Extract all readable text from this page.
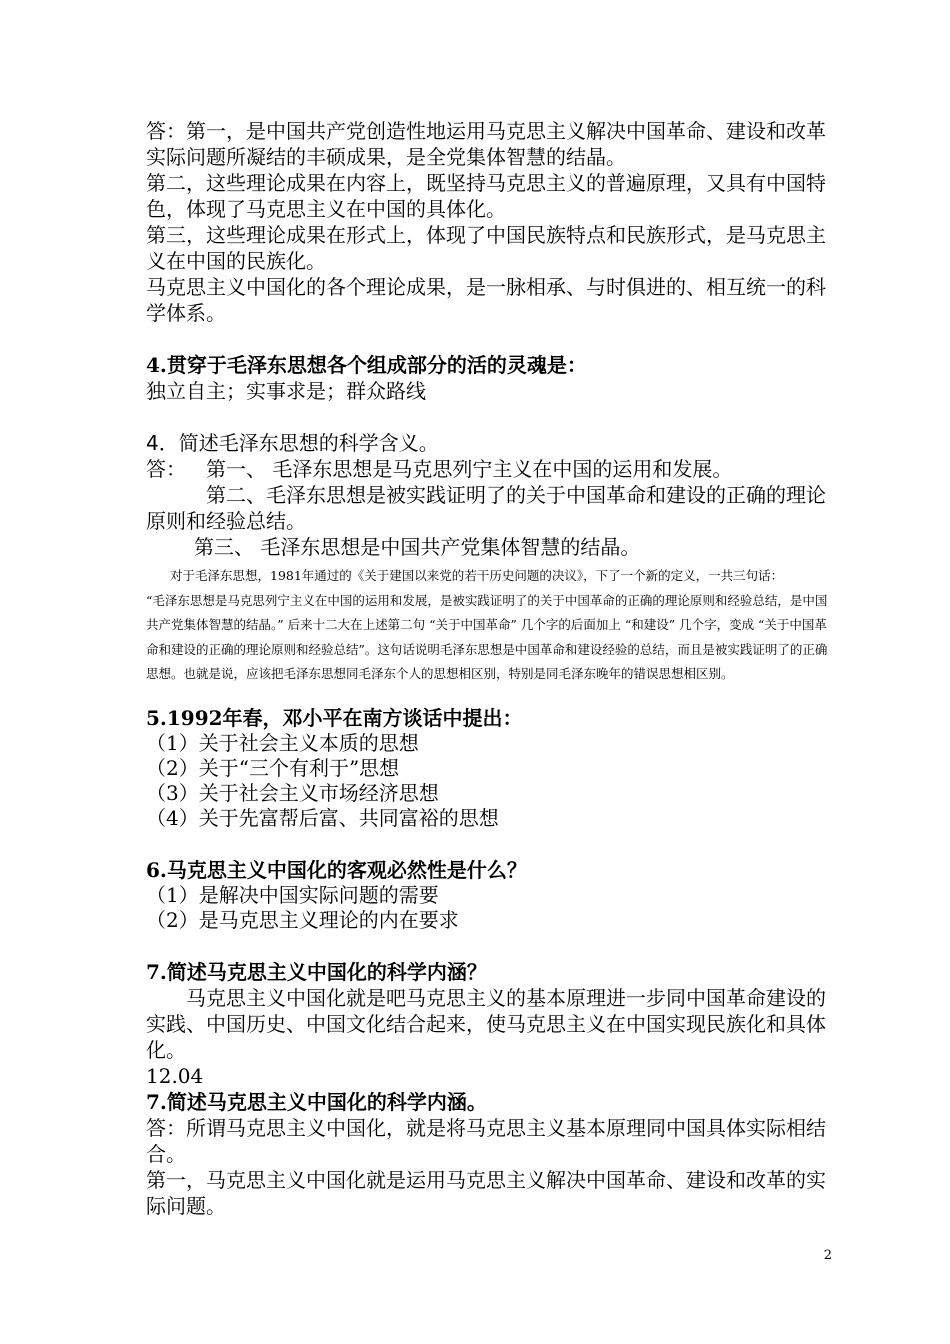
答：第一，是中国共产党创造性地运用马克思主义解决中国革命、建设和改革实际问题所凝结的丰硕成果，是全党集体智慧的结晶。

第二，这些理论成果在内容上，既坚持马克思主义的普遍原理，又具有中国特色，体现了马克思主义在中国的具体化。

第三，这些理论成果在形式上，体现了中国民族特点和民族形式，是马克思主义在中国的民族化。

马克思主义中国化的各个理论成果，是一脉相承、与时俱进的、相互统一的科学体系。

4.贯穿于毛泽东思想各个组成部分的活的灵魂是：

独立自主；实事求是；群众路线

4．简述毛泽东思想的科学含义。

答：	第一、 毛泽东思想是马克思列宁主义在中国的运用和发展。

第二、毛泽东思想是被实践证明了的关于中国革命和建设的正确的理论原则和经验总结。

第三、 毛泽东思想是中国共产党集体智慧的结晶。

对于毛泽东思想，1981年通过的《关于建国以来党的若干历史问题的决议》，下了一个新的定义，一共三句话：

“毛泽东思想是马克思列宁主义在中国的运用和发展，是被实践证明了的关于中国革命的正确的理论原则和经验总结，是中国共产党集体智慧的结晶。” 后来十二大在上述第二句 “关于中国革命” 几个字的后面加上 “和建设” 几个字，变成 “关于中国革命和建设的正确的理论原则和经验总结”。这句话说明毛泽东思想是中国革命和建设经验的总结，而且是被实践证明了的正确思想。也就是说，应该把毛泽东思想同毛泽东个人的思想相区别，特别是同毛泽东晚年的错误思想相区别。

5.1992年春，邓小平在南方谈话中提出：

（1）关于社会主义本质的思想

（2）关于“三个有利于”思想

（3）关于社会主义市场经济思想

（4）关于先富帮后富、共同富裕的思想

6.马克思主义中国化的客观必然性是什么？

（1）是解决中国实际问题的需要

（2）是马克思主义理论的内在要求

7.简述马克思主义中国化的科学内涵？

马克思主义中国化就是吧马克思主义的基本原理进一步同中国革命建设的实践、中国历史、中国文化结合起来，使马克思主义在中国实现民族化和具体化。

12.04

7.简述马克思主义中国化的科学内涵。

答：所谓马克思主义中国化，就是将马克思主义基本原理同中国具体实际相结合。

第一，马克思主义中国化就是运用马克思主义解决中国革命、建设和改革的实际问题。

2
